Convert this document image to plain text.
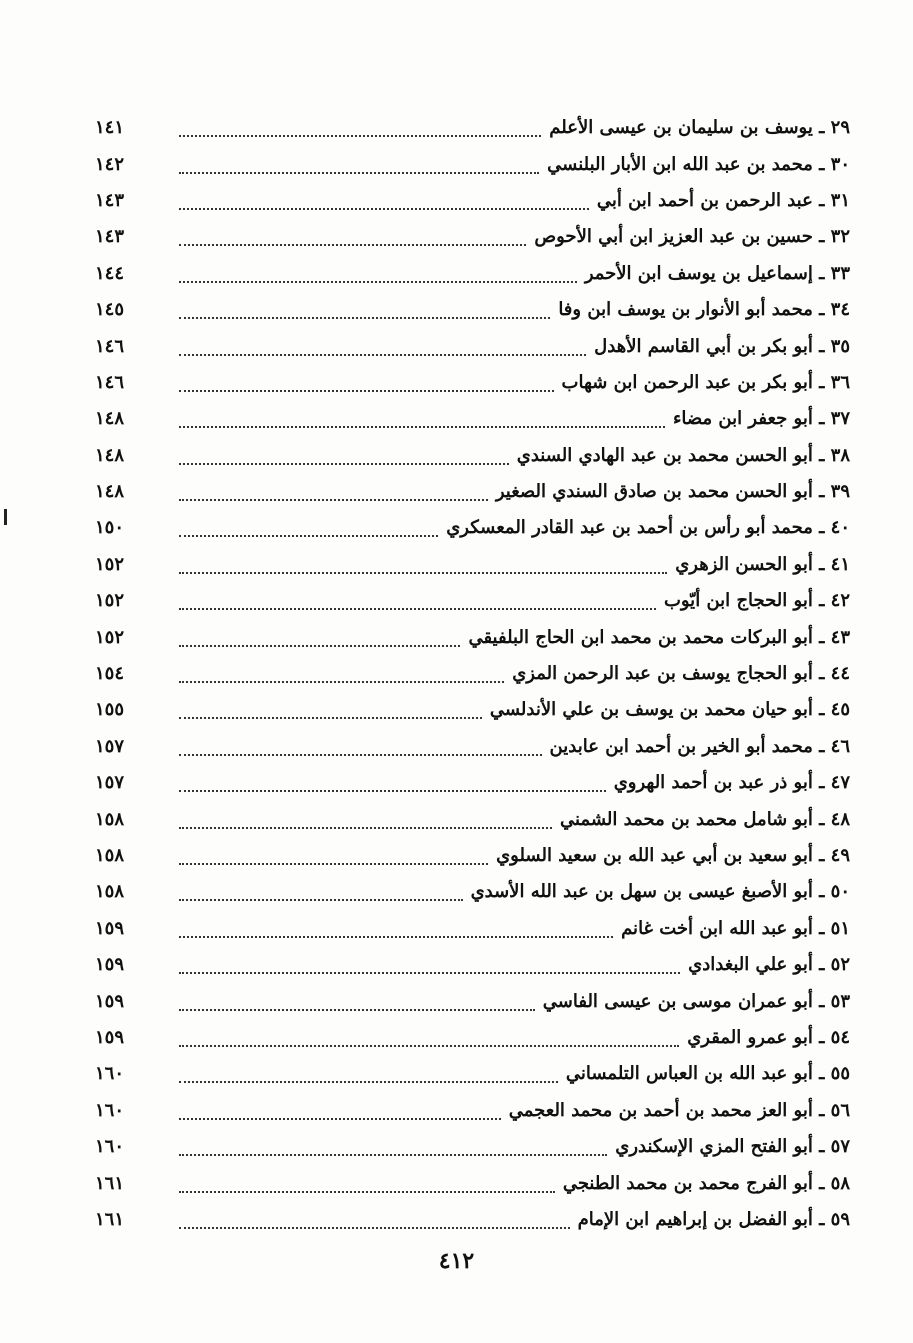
٢٩ ـ يوسف بن سليمان بن عيسى الأعلم
١٤١
٣٠ ـ محمد بن عبد الله ابن الأبار البلنسي
١٤٢
٣١ ـ عبد الرحمن بن أحمد ابن أبي
١٤٣
٣٢ ـ حسين بن عبد العزيز ابن أبي الأحوص
١٤٣
٣٣ ـ إسماعيل بن يوسف ابن الأحمر
١٤٤
٣٤ ـ محمد أبو الأنوار بن يوسف ابن وفا
١٤٥
٣٥ ـ أبو بكر بن أبي القاسم الأهدل
١٤٦
٣٦ ـ أبو بكر بن عبد الرحمن ابن شهاب
١٤٦
٣٧ ـ أبو جعفر ابن مضاء
١٤٨
٣٨ ـ أبو الحسن محمد بن عبد الهادي السندي
١٤٨
٣٩ ـ أبو الحسن محمد بن صادق السندي الصغير
١٤٨
٤٠ ـ محمد أبو رأس بن أحمد بن عبد القادر المعسكري
١٥٠
٤١ ـ أبو الحسن الزهري
١٥٢
٤٢ ـ أبو الحجاج ابن أيّوب
١٥٢
٤٣ ـ أبو البركات محمد بن محمد ابن الحاج البلفيقي
١٥٢
٤٤ ـ أبو الحجاج يوسف بن عبد الرحمن المزي
١٥٤
٤٥ ـ أبو حيان محمد بن يوسف بن علي الأندلسي
١٥٥
٤٦ ـ محمد أبو الخير بن أحمد ابن عابدين
١٥٧
٤٧ ـ أبو ذر عبد بن أحمد الهروي
١٥٧
٤٨ ـ أبو شامل محمد بن محمد الشمني
١٥٨
٤٩ ـ أبو سعيد بن أبي عبد الله بن سعيد السلوي
١٥٨
٥٠ ـ أبو الأصبغ عيسى بن سهل بن عبد الله الأسدي
١٥٨
٥١ ـ أبو عبد الله ابن أخت غانم
١٥٩
٥٢ ـ أبو علي البغدادي
١٥٩
٥٣ ـ أبو عمران موسى بن عيسى الفاسي
١٥٩
٥٤ ـ أبو عمرو المقري
١٥٩
٥٥ ـ أبو عبد الله بن العباس التلمساني
١٦٠
٥٦ ـ أبو العز محمد بن أحمد بن محمد العجمي
١٦٠
٥٧ ـ أبو الفتح المزي الإسكندري
١٦٠
٥٨ ـ أبو الفرج محمد بن محمد الطنجي
١٦١
٥٩ ـ أبو الفضل بن إبراهيم ابن الإمام
١٦١
٤١٢
